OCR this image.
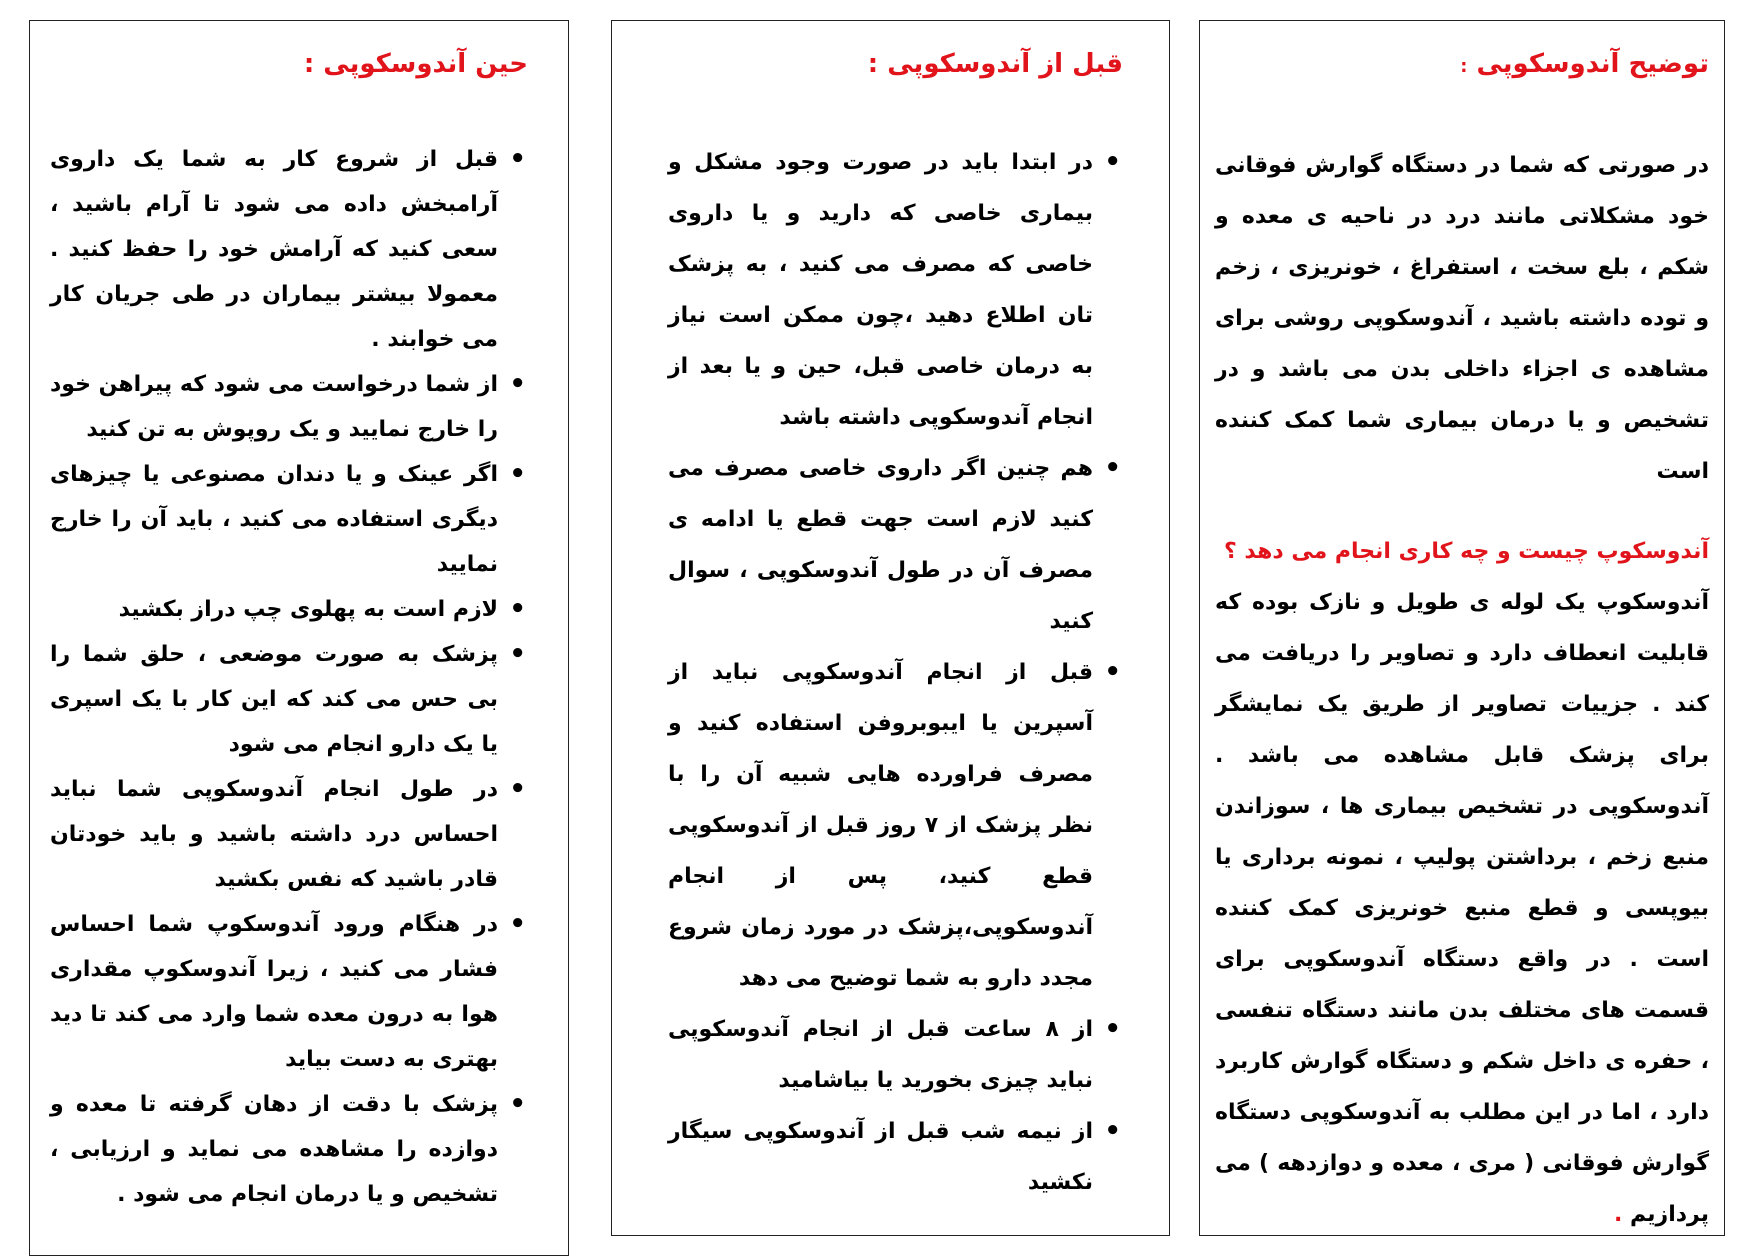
توضیح آندوسکوپی :

در صورتی که شما در دستگاه گوارش فوقانی خود مشکلاتی مانند درد در ناحیه ی معده و شکم ، بلع سخت ، استفراغ ، خونریزی ، زخم و توده داشته باشید ، آندوسکوپی روشی برای مشاهده ی اجزاء داخلی بدن می باشد و در تشخیص و یا درمان بیماری شما کمک کننده است

آندوسکوپ چیست و چه کاری انجام می دهد ؟

آندوسکوپ یک لوله ی طویل و نازک بوده که قابلیت انعطاف دارد و تصاویر را دریافت می کند . جزییات تصاویر از طریق یک نمایشگر برای پزشک قابل مشاهده می باشد . آندوسکوپی در تشخیص بیماری ها ، سوزاندن منبع زخم ، برداشتن پولیپ ، نمونه برداری یا بیوپسی و قطع منبع خونریزی کمک کننده است . در واقع دستگاه آندوسکوپی برای قسمت های مختلف بدن مانند دستگاه تنفسی ، حفره ی داخل شکم و دستگاه گوارش کاربرد دارد ، اما در این مطلب به آندوسکوپی دستگاه گوارش فوقانی ( مری ، معده و دوازدهه ) می پردازیم .

قبل از آندوسکوپی :
• در ابتدا باید در صورت وجود مشکل و بیماری خاصی که دارید و یا داروی خاصی که مصرف می کنید ، به پزشک تان اطلاع دهید ،چون ممکن است نیاز به درمان خاصی قبل، حین و یا بعد از انجام آندوسکوپی داشته باشد
• هم چنین اگر داروی خاصی مصرف می کنید لازم است جهت قطع یا ادامه ی مصرف آن در طول آندوسکوپی ، سوال کنید
• قبل از انجام آندوسکوپی نباید از آسپرین یا ایبوبروفن استفاده کنید و مصرف فراورده هایی شبیه آن را با نظر پزشک از ۷ روز قبل از آندوسکوپی قطع کنید، پس از انجام آندوسکوپی،پزشک در مورد زمان شروع مجدد دارو به شما توضیح می دهد
• از ۸ ساعت قبل از انجام آندوسکوپی نباید چیزی بخورید یا بیاشامید
• از نیمه شب قبل از آندوسکوپی سیگار نکشید
حین آندوسکوپی :
• قبل از شروع کار به شما یک داروی آرامبخش داده می شود تا آرام باشید ، سعی کنید که آرامش خود را حفظ کنید . معمولا بیشتر بیماران در طی جریان کار می خوابند .
• از شما درخواست می شود که پیراهن خود را خارج نمایید و یک روپوش به تن کنید
• اگر عینک و یا دندان مصنوعی یا چیزهای دیگری استفاده می کنید ، باید آن را خارج نمایید
• لازم است به پهلوی چپ دراز بکشید
• پزشک به صورت موضعی ، حلق شما را بی حس می کند که این کار با یک اسپری یا یک دارو انجام می شود
• در طول انجام آندوسکوپی شما نباید احساس درد داشته باشید و باید خودتان قادر باشید که نفس بکشید
• در هنگام ورود آندوسکوپ شما احساس فشار می کنید ، زیرا آندوسکوپ مقداری هوا به درون معده شما وارد می کند تا دید بهتری به دست بیاید
• پزشک با دقت از دهان گرفته تا معده و دوازده را مشاهده می نماید و ارزیابی ، تشخیص و یا درمان انجام می شود .
